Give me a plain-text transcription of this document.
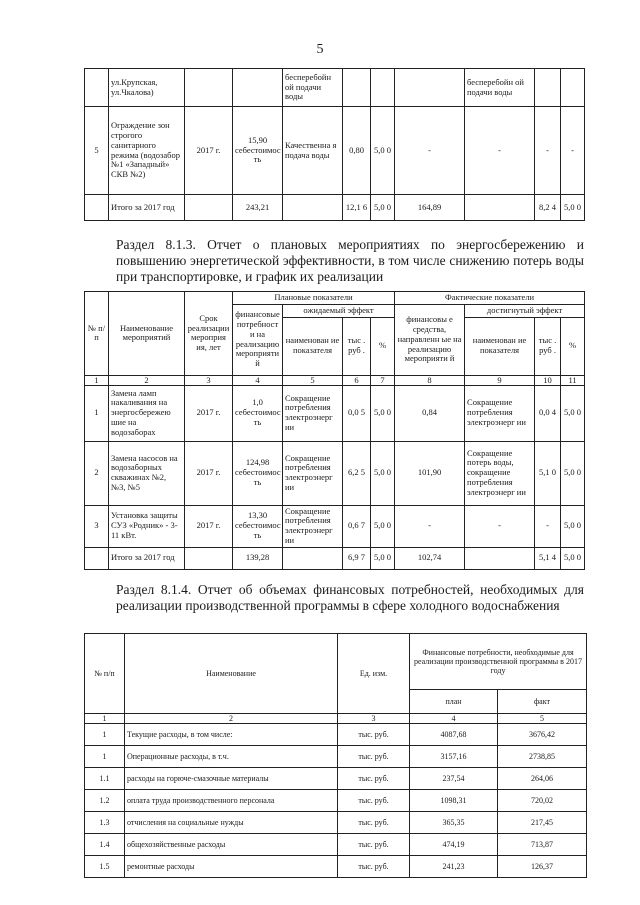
5
	ул.Крупская, ул.Чкалова)			бесперебойн ой подачи воды				бесперебойн ой подачи воды		
5	Ограждение зон строгого санитарного режима (водозабор №1 «Западный» СКВ №2)	2017 г.	15,90 себестоимос ть	Качественна я подача воды	0,80	5,0 0	-	-	-	-
	Итого за 2017 год		243,21		12,1 6	5,0 0	164,89		8,2 4	5,0 0
Раздел 8.1.3. Отчет о плановых мероприятиях по энергосбережению и повышению энергетической эффективности, в том числе снижению потерь воды при транспортировке, и график их реализации
№ п/ п	Наименование мероприятий	Срок реализации мероприя ия, лет	Плановые показатели				Фактические показатели			
			финансовые потребност и на реализацию мероприяти й	ожидаемый эффект			финансовы е средства, направленн ые на реализацию мероприяти й	достигнутый эффект		
				наименован ие показателя	тыс . руб .	%		наименован ие показателя	тыс . руб .	%
1	2	3	4	5	6	7	8	9	10	11
1	Замена ламп накаливания на энергосбережею шие на водозаборах	2017 г.	1,0 себестоимос ть	Сокращение потребления электроэнерг ии	0,0 5	5,0 0	0,84	Сокращение потребления электроэнерг ии	0,0 4	5,0 0
2	Замена насосов на водозаборных скважинах №2, №3, №5	2017 г.	124,98 себестоимос ть	Сокращение потребления электроэнерг ии	6,2 5	5,0 0	101,90	Сокращение потерь воды, сокращение потребления электроэнерг ии	5,1 0	5,0 0
3	Установка защиты СУЗ «Родник» - 3-11 кВт.	2017 г.	13,30 себестоимос ть	Сокращение потребления электроэнерг ии	0,6 7	5,0 0	-	-	-	5,0 0
	Итого за 2017 год		139,28		6,9 7	5,0 0	102,74		5,1 4	5,0 0
Раздел 8.1.4. Отчет об объемах финансовых потребностей, необходимых для реализации производственной программы в сфере холодного водоснабжения
№ п/п	Наименование	Ед. изм.	Финансовые потребности, необходимые для реализации производственной программы в 2017 году	
			план	факт
1	2	3	4	5
1	Текущие расходы, в том числе:	тыс. руб.	4087,68	3676,42
1	Операционные расходы, в т.ч.	тыс. руб.	3157,16	2738,85
1.1	расходы на горюче-смазочные материалы	тыс. руб.	237,54	264,06
1.2	оплата труда производственного персонала	тыс. руб.	1098,31	720,02
1.3	отчисления на социальные нужды	тыс. руб.	365,35	217,45
1.4	общехозяйственные расходы	тыс. руб.	474,19	713,87
1.5	ремонтные расходы	тыс. руб.	241,23	126,37
